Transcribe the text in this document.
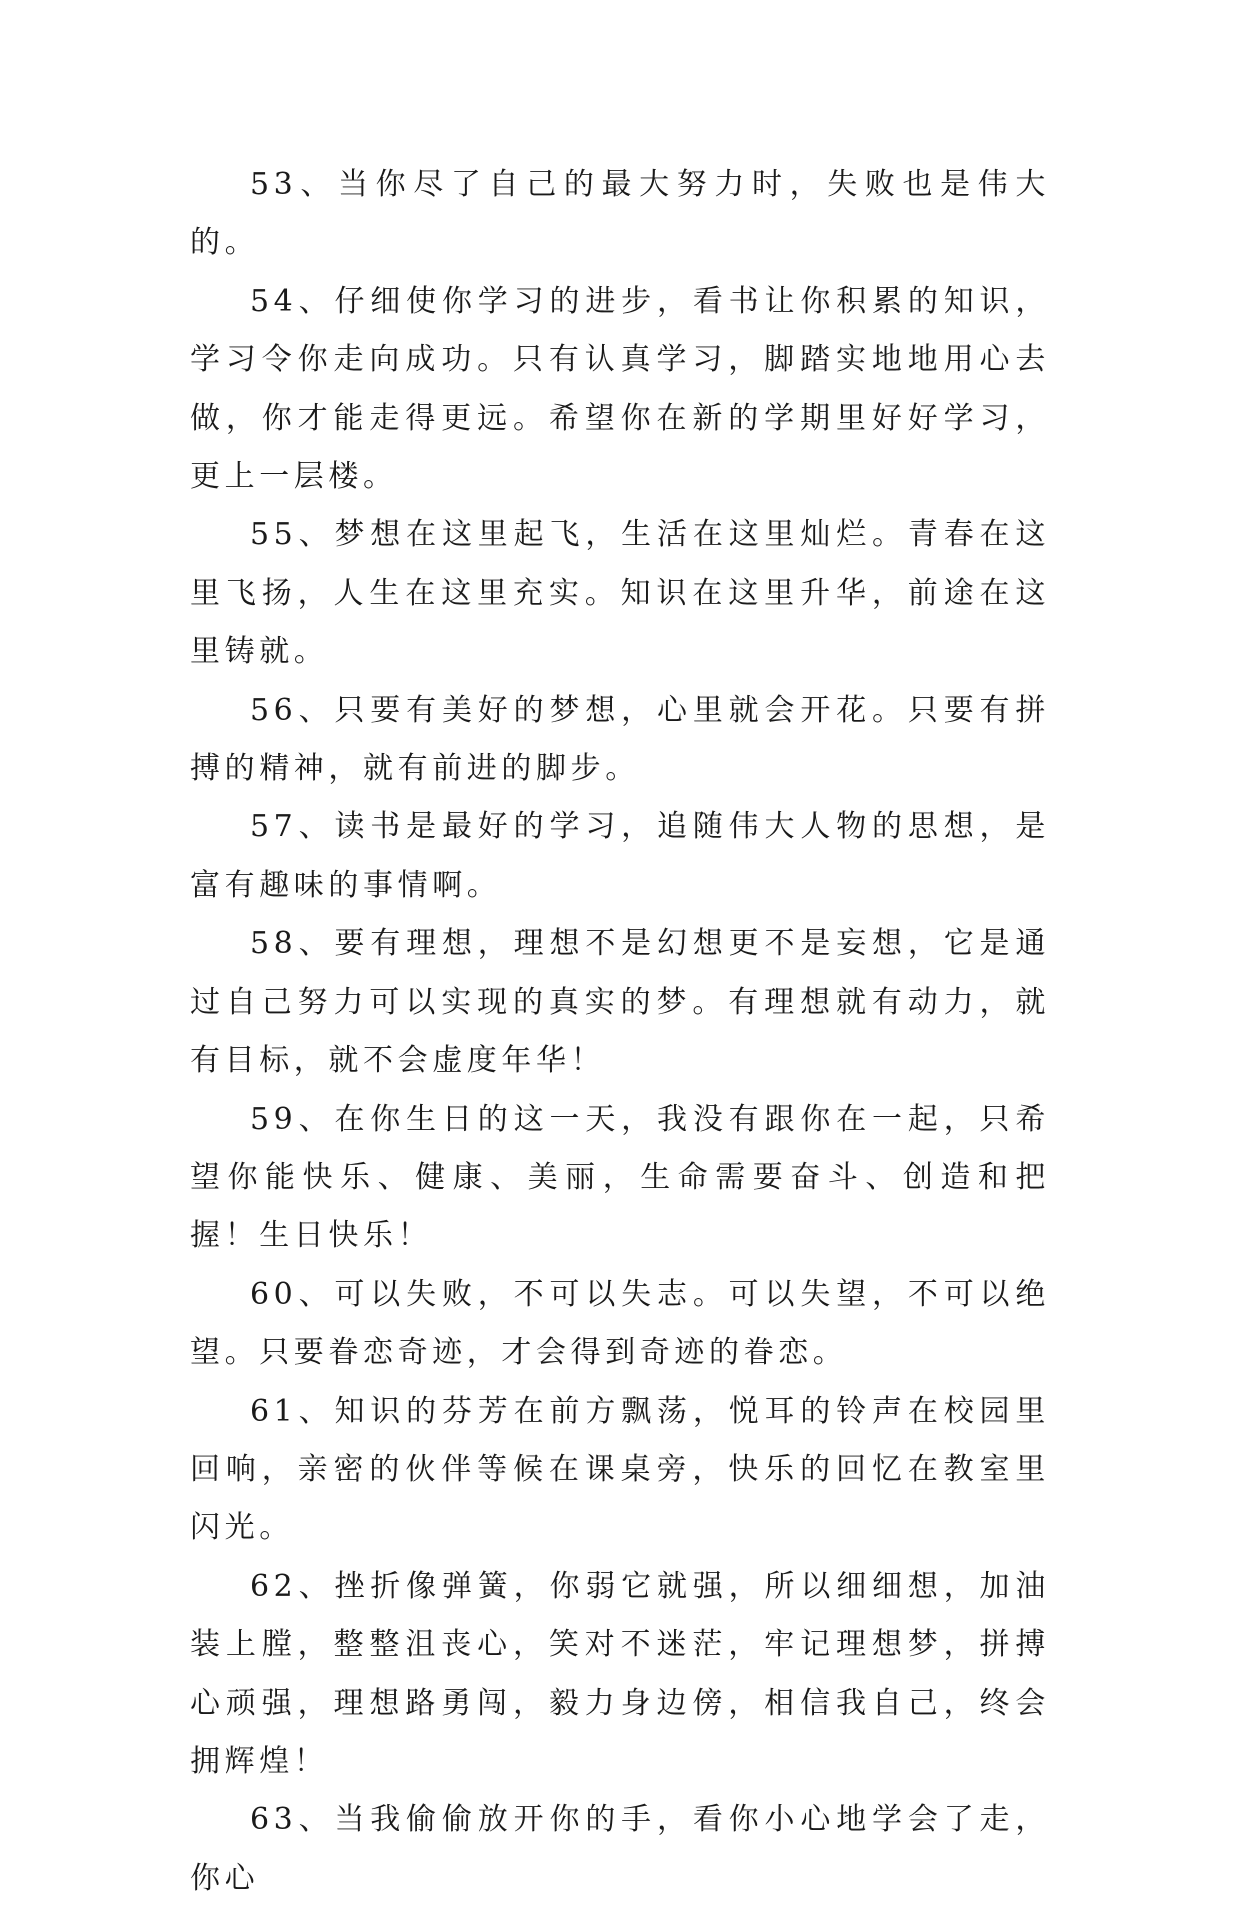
53、当你尽了自己的最大努力时，失败也是伟大的。

54、仔细使你学习的进步，看书让你积累的知识，学习令你走向成功。只有认真学习，脚踏实地地用心去做，你才能走得更远。希望你在新的学期里好好学习，更上一层楼。

55、梦想在这里起飞，生活在这里灿烂。青春在这里飞扬，人生在这里充实。知识在这里升华，前途在这里铸就。

56、只要有美好的梦想，心里就会开花。只要有拼搏的精神，就有前进的脚步。

57、读书是最好的学习，追随伟大人物的思想，是富有趣味的事情啊。

58、要有理想，理想不是幻想更不是妄想，它是通过自己努力可以实现的真实的梦。有理想就有动力，就有目标，就不会虚度年华！

59、在你生日的这一天，我没有跟你在一起，只希望你能快乐、健康、美丽，生命需要奋斗、创造和把握！生日快乐！

60、可以失败，不可以失志。可以失望，不可以绝望。只要眷恋奇迹，才会得到奇迹的眷恋。

61、知识的芬芳在前方飘荡，悦耳的铃声在校园里回响，亲密的伙伴等候在课桌旁，快乐的回忆在教室里闪光。

62、挫折像弹簧，你弱它就强，所以细细想，加油装上膛，整整沮丧心，笑对不迷茫，牢记理想梦，拼搏心顽强，理想路勇闯，毅力身边傍，相信我自己，终会拥辉煌！

63、当我偷偷放开你的手，看你小心地学会了走，你心
